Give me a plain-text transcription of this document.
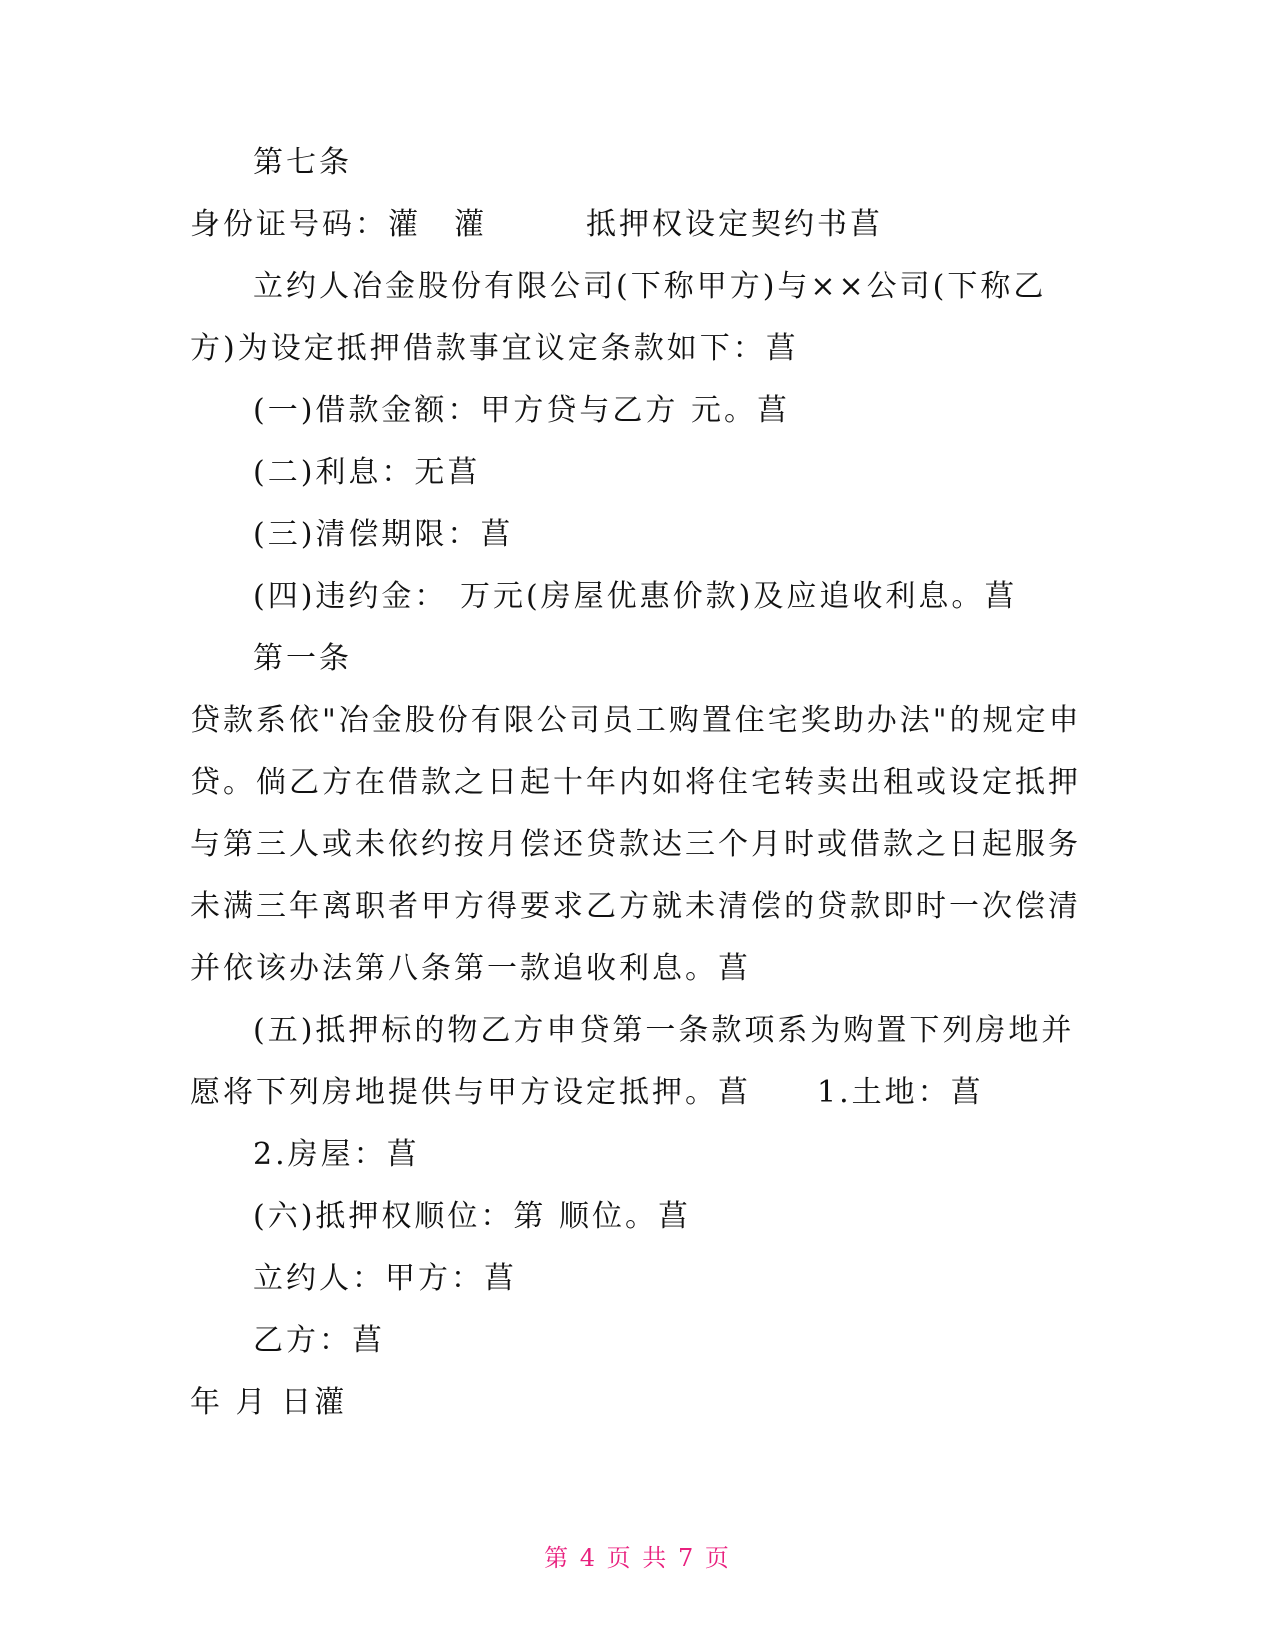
第七条
身份证号码：灌　灌　　　抵押权设定契约书菖
立约人冶金股份有限公司(下称甲方)与××公司(下称乙
方)为设定抵押借款事宜议定条款如下：菖
(一)借款金额：甲方贷与乙方 元。菖
(二)利息：无菖
(三)清偿期限：菖
(四)违约金： 万元(房屋优惠价款)及应追收利息。菖
第一条
贷款系依"冶金股份有限公司员工购置住宅奖助办法"的规定申
贷。倘乙方在借款之日起十年内如将住宅转卖出租或设定抵押
与第三人或未依约按月偿还贷款达三个月时或借款之日起服务
未满三年离职者甲方得要求乙方就未清偿的贷款即时一次偿清
并依该办法第八条第一款追收利息。菖
(五)抵押标的物乙方申贷第一条款项系为购置下列房地并
愿将下列房地提供与甲方设定抵押。菖　　1.土地：菖
2.房屋：菖
(六)抵押权顺位：第 顺位。菖
立约人：甲方：菖
乙方：菖
年 月 日灌
第 4 页 共 7 页
